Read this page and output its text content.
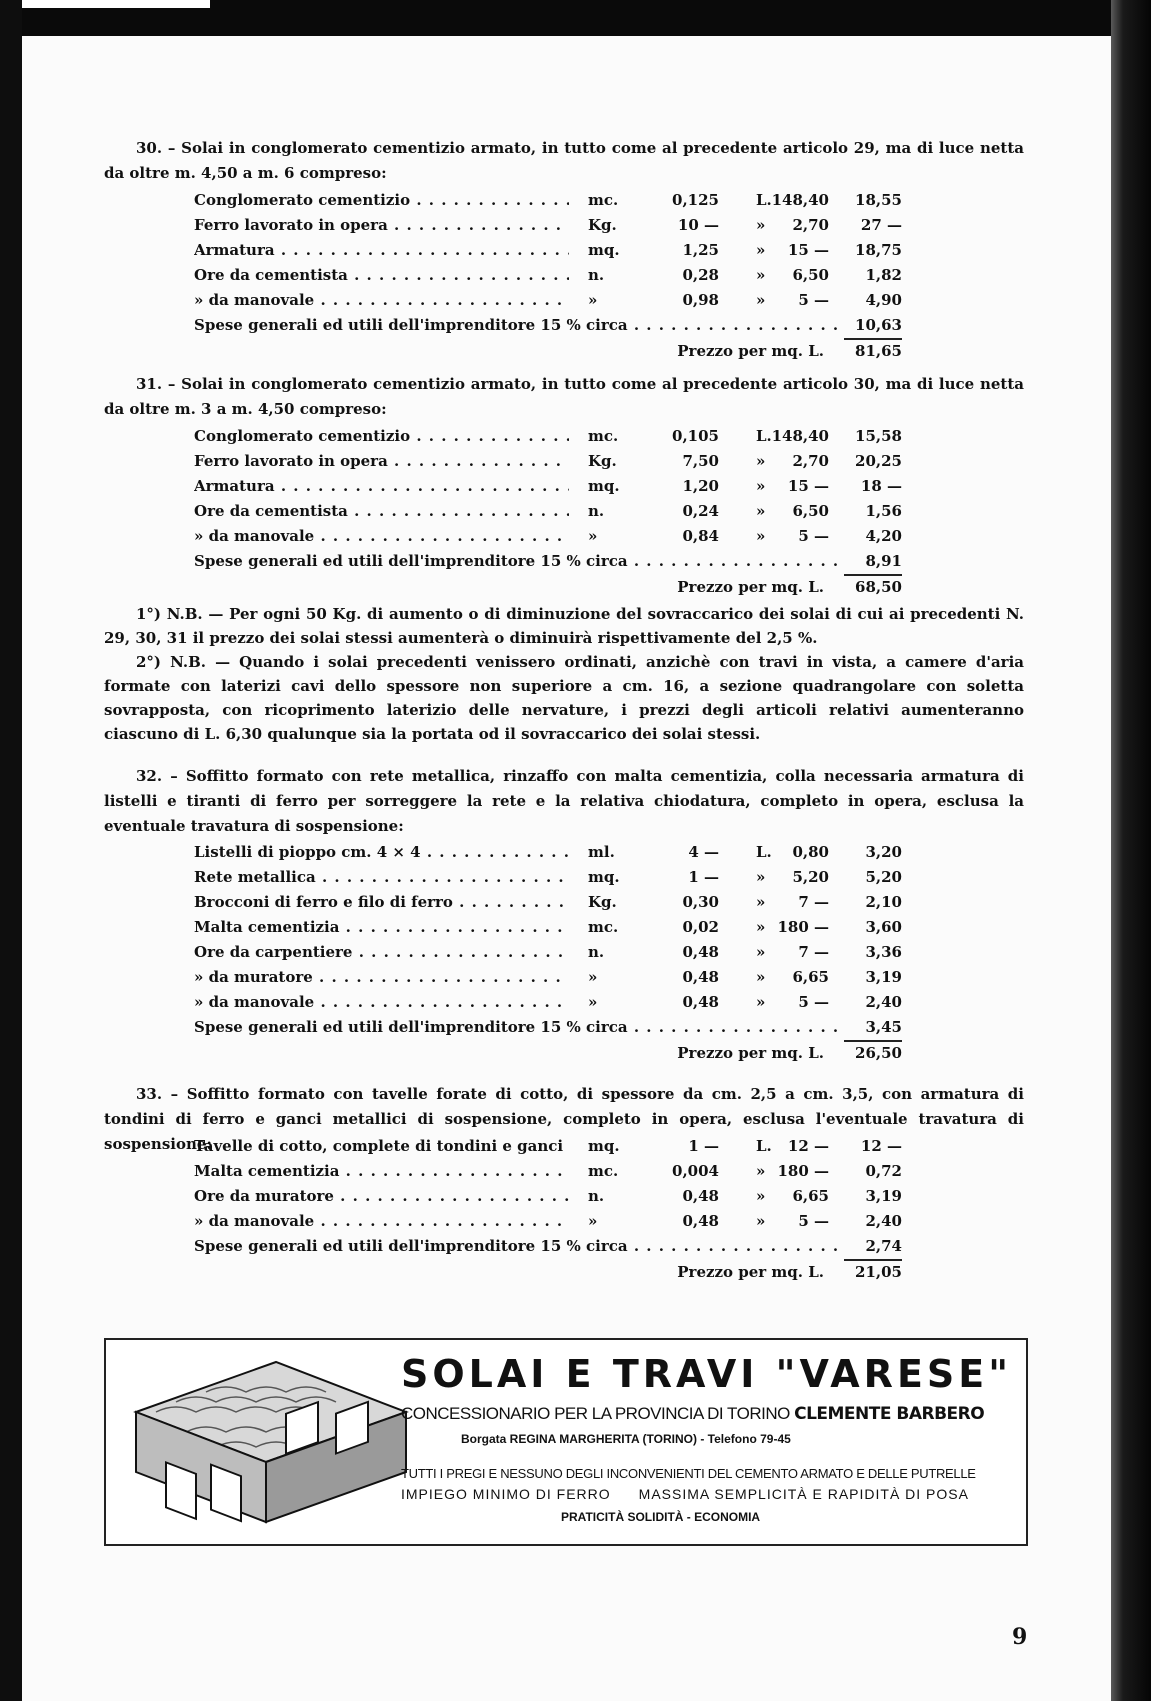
30. – Solai in conglomerato cementizio armato, in tutto come al precedente articolo 29, ma di luce netta da oltre m. 4,50 a m. 6 compreso:

Conglomerato cementizio . . .	mc.	0,125 L. 148,40	18,55
Ferro lavorato in opera . . .	Kg.	10 — »	2,70	27 —
Armatura . . .	mq.	1,25 »	15 —	18,75
Ore da cementista . . .	n.	0,28 »	6,50	1,82
» da manovale . . .	»	0,98 »	5 —	4,90
Spese generali ed utili dell'imprenditore 15 % circa . . .	10,63
Prezzo per mq. L.	81,65

31. – Solai in conglomerato cementizio armato, in tutto come al precedente articolo 30, ma di luce netta da oltre m. 3 a m. 4,50 compreso:

Conglomerato cementizio . . .	mc.	0,105 L. 148,40	15,58
Ferro lavorato in opera . . .	Kg.	7,50 »	2,70	20,25
Armatura . . .	mq.	1,20 »	15 —	18 —
Ore da cementista . . .	n.	0,24 »	6,50	1,56
» da manovale . . .	»	0,84 »	5 —	4,20
Spese generali ed utili dell'imprenditore 15 % circa . . .	8,91
Prezzo per mq. L.	68,50

1°) N.B. — Per ogni 50 Kg. di aumento o di diminuzione del sovraccarico dei solai di cui ai precedenti N. 29, 30, 31 il prezzo dei solai stessi aumenterà o diminuirà rispettivamente del 2,5 %.

2°) N.B. — Quando i solai precedenti venissero ordinati, anzichè con travi in vista, a camere d'aria formate con laterizi cavi dello spessore non superiore a cm. 16, a sezione quadrangolare con soletta sovrapposta, con ricoprimento laterizio delle nervature, i prezzi degli articoli relativi aumenteranno ciascuno di L. 6,30 qualunque sia la portata od il sovraccarico dei solai stessi.

32. – Soffitto formato con rete metallica, rinzaffo con malta cementizia, colla necessaria armatura di listelli e tiranti di ferro per sorreggere la rete e la relativa chiodatura, completo in opera, esclusa la eventuale travatura di sospensione:

Listelli di pioppo cm. 4 × 4 . . .	ml.	4 — L.	0,80	3,20
Rete metallica . . .	mq.	1 — »	5,20	5,20
Brocconi di ferro e filo di ferro . . .	Kg.	0,30 »	7 —	2,10
Malta cementizia . . .	mc.	0,02 » 180 —	3,60
Ore da carpentiere . . .	n.	0,48 »	7 —	3,36
» da muratore . . .	»	0,48 »	6,65	3,19
» da manovale . . .	»	0,48 »	5 —	2,40
Spese generali ed utili dell'imprenditore 15 % circa . . .	3,45
Prezzo per mq. L.	26,50

33. – Soffitto formato con tavelle forate di cotto, di spessore da cm. 2,5 a cm. 3,5, con armatura di tondini di ferro e ganci metallici di sospensione, completo in opera, esclusa l'eventuale travatura di sospensione:

Tavelle di cotto, complete di tondini e ganci . . .	mq.	1 — L.	12 —	12 —
Malta cementizia . . .	mc.	0,004 » 180 —	0,72
Ore da muratore . . .	n.	0,48 »	6,65	3,19
» da manovale . . .	»	0,48 »	5 —	2,40
Spese generali ed utili dell'imprenditore 15 % circa . . .	2,74
Prezzo per mq. L.	21,05
SOLAI E TRAVI "VARESE"
CONCESSIONARIO PER LA PROVINCIA DI TORINO CLEMENTE BARBERO
Borgata REGINA MARGHERITA (TORINO) - Telefono 79-45
TUTTI I PREGI E NESSUNO DEGLI INCONVENIENTI DEL CEMENTO ARMATO E DELLE PUTRELLE
IMPIEGO MINIMO DI FERRO MASSIMA SEMPLICITÀ E RAPIDITÀ DI POSA
PRATICITÀ SOLIDITÀ - ECONOMIA
9
